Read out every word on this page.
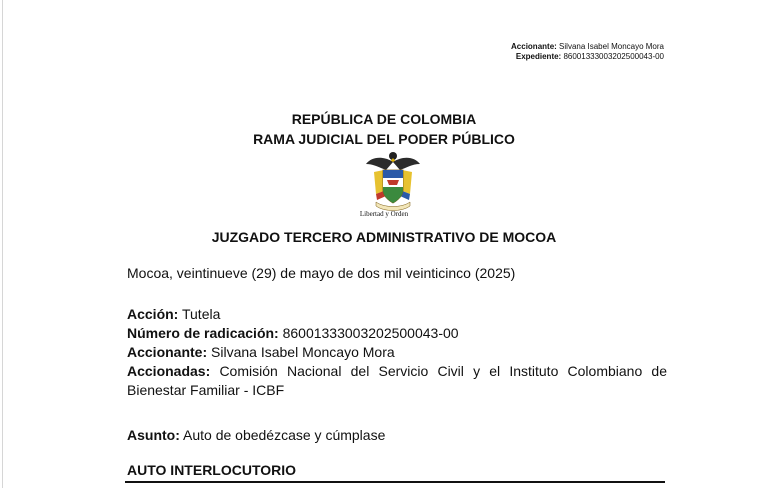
Accionante: Silvana Isabel Moncayo Mora
Expediente: 86001333003202500043-00
REPÚBLICA DE COLOMBIA
RAMA JUDICIAL DEL PODER PÚBLICO
Libertad y Orden
JUZGADO TERCERO ADMINISTRATIVO DE MOCOA
Mocoa, veintinueve (29) de mayo de dos mil veinticinco (2025)
Acción: Tutela
Número de radicación: 86001333003202500043-00
Accionante: Silvana Isabel Moncayo Mora
Accionadas: Comisión Nacional del Servicio Civil y el Instituto Colombiano de Bienestar Familiar - ICBF
Asunto: Auto de obedézcase y cúmplase
AUTO INTERLOCUTORIO
